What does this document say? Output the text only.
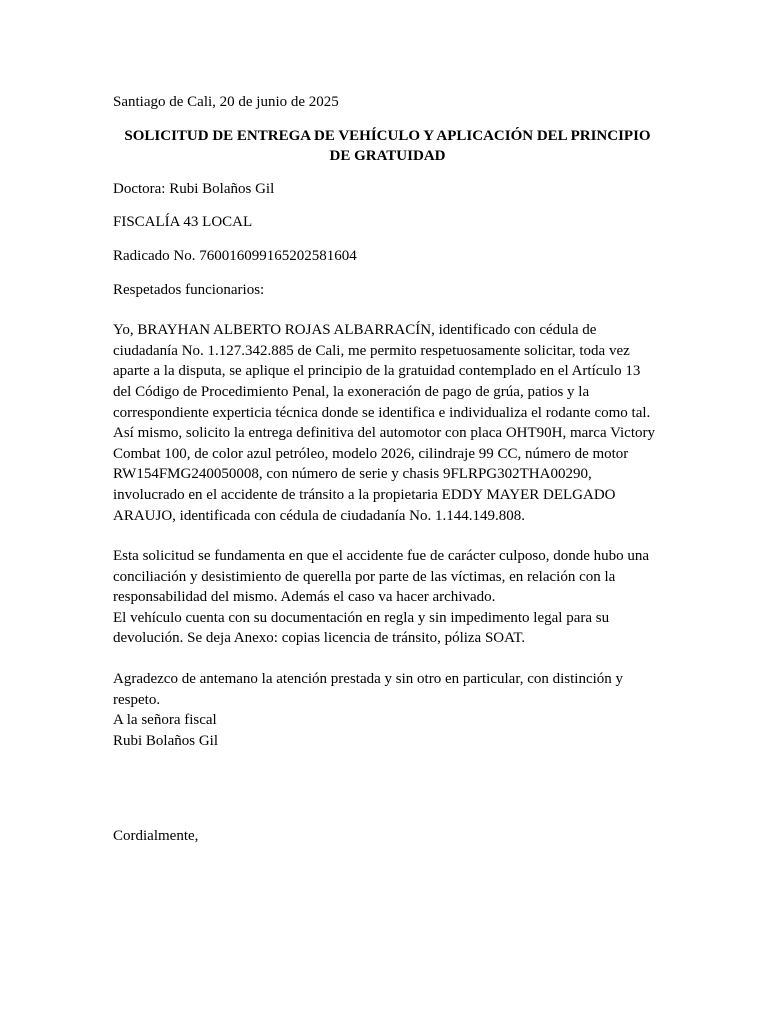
Santiago de Cali, 20 de junio de 2025

SOLICITUD DE ENTREGA DE VEHÍCULO Y APLICACIÓN DEL PRINCIPIO DE GRATUIDAD

Doctora: Rubi Bolaños Gil

FISCALÍA 43 LOCAL

Radicado No. 760016099165202581604

Respetados funcionarios:

Yo, BRAYHAN ALBERTO ROJAS ALBARRACÍN, identificado con cédula de ciudadanía No. 1.127.342.885 de Cali, me permito respetuosamente solicitar, toda vez aparte a la disputa, se aplique el principio de la gratuidad contemplado en el Artículo 13 del Código de Procedimiento Penal, la exoneración de pago de grúa, patios y la correspondiente experticia técnica donde se identifica e individualiza el rodante como tal. Así mismo, solicito la entrega definitiva del automotor con placa OHT90H, marca Victory Combat 100, de color azul petróleo, modelo 2026, cilindraje 99 CC, número de motor RW154FMG240050008, con número de serie y chasis 9FLRPG302THA00290, involucrado en el accidente de tránsito a la propietaria EDDY MAYER DELGADO ARAUJO, identificada con cédula de ciudadanía No. 1.144.149.808.

Esta solicitud se fundamenta en que el accidente fue de carácter culposo, donde hubo una conciliación y desistimiento de querella por parte de las víctimas, en relación con la responsabilidad del mismo. Además el caso va hacer archivado.

El vehículo cuenta con su documentación en regla y sin impedimento legal para su devolución. Se deja Anexo: copias licencia de tránsito, póliza SOAT.

Agradezco de antemano la atención prestada y sin otro en particular, con distinción y respeto.

A la señora fiscal

Rubi Bolaños Gil

Cordialmente,
